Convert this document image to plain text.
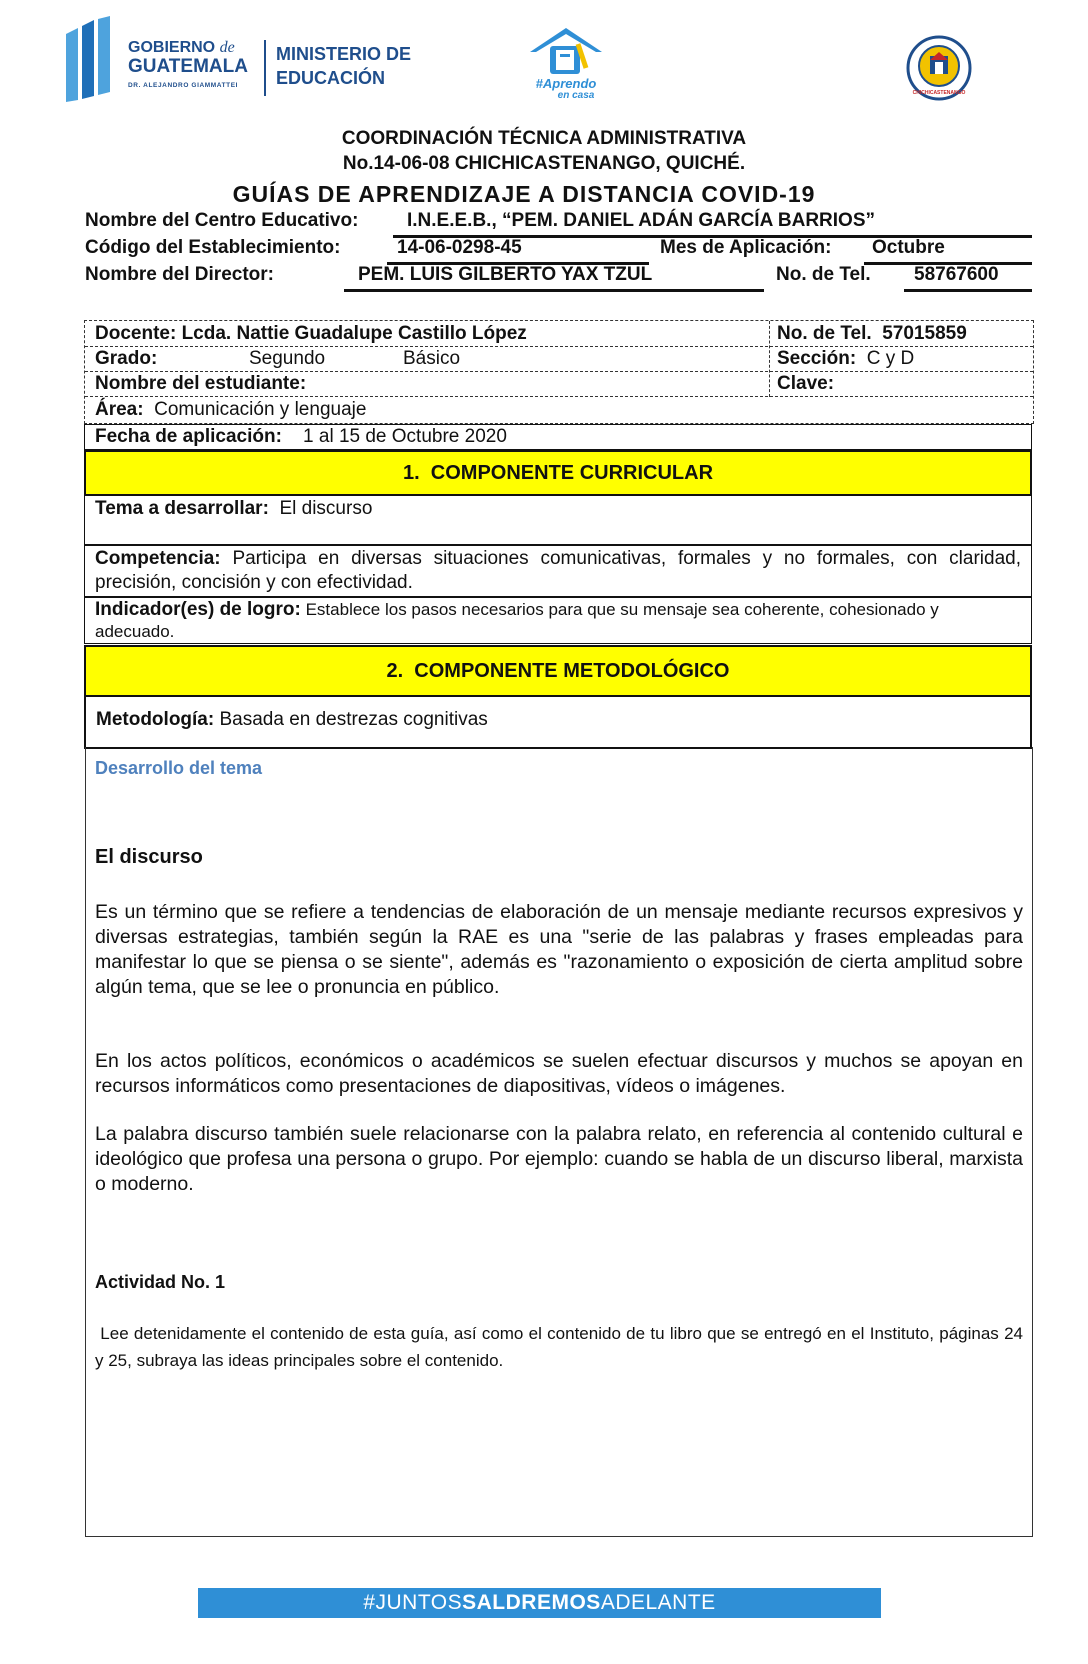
GOBIERNO de
GUATEMALA
DR. ALEJANDRO GIAMMATTEI
MINISTERIO DE
EDUCACIÓN	#Aprendo
en casa	CHICHICASTENANGO
COORDINACIÓN TÉCNICA ADMINISTRATIVA
No.14-06-08 CHICHICASTENANGO, QUICHÉ.
GUÍAS DE APRENDIZAJE A DISTANCIA COVID-19
Nombre del Centro Educativo:	I.N.E.E.B., “PEM. DANIEL ADÁN GARCÍA BARRIOS”
Código del Establecimiento:	14-06-0298-45	Mes de Aplicación:	Octubre
Nombre del Director:	PEM. LUIS GILBERTO YAX TZUL	No. de Tel.	58767600
Docente: Lcda. Nattie Guadalupe Castillo López	No. de Tel. 57015859
Grado:	Segundo	Básico	Sección: C y D
Nombre del estudiante:	Clave:
Área: Comunicación y lenguaje
Fecha de aplicación: 1 al 15 de Octubre 2020
1. COMPONENTE CURRICULAR
Tema a desarrollar: El discurso
Competencia: Participa en diversas situaciones comunicativas, formales y no formales, con claridad, precisión, concisión y con efectividad.
Indicador(es) de logro: Establece los pasos necesarios para que su mensaje sea coherente, cohesionado y adecuado.
2. COMPONENTE METODOLÓGICO
Metodología: Basada en destrezas cognitivas
Desarrollo del tema
El discurso
Es un término que se refiere a tendencias de elaboración de un mensaje mediante recursos expresivos y diversas estrategias, también según la RAE es una "serie de las palabras y frases empleadas para manifestar lo que se piensa o se siente", además es "razonamiento o exposición de cierta amplitud sobre algún tema, que se lee o pronuncia en público.
En los actos políticos, económicos o académicos se suelen efectuar discursos y muchos se apoyan en recursos informáticos como presentaciones de diapositivas, vídeos o imágenes.
La palabra discurso también suele relacionarse con la palabra relato, en referencia al contenido cultural e ideológico que profesa una persona o grupo. Por ejemplo: cuando se habla de un discurso liberal, marxista o moderno.
Actividad No. 1
Lee detenidamente el contenido de esta guía, así como el contenido de tu libro que se entregó en el Instituto, páginas 24 y 25, subraya las ideas principales sobre el contenido.
#JUNTOSSALDREMOSADELANTE
